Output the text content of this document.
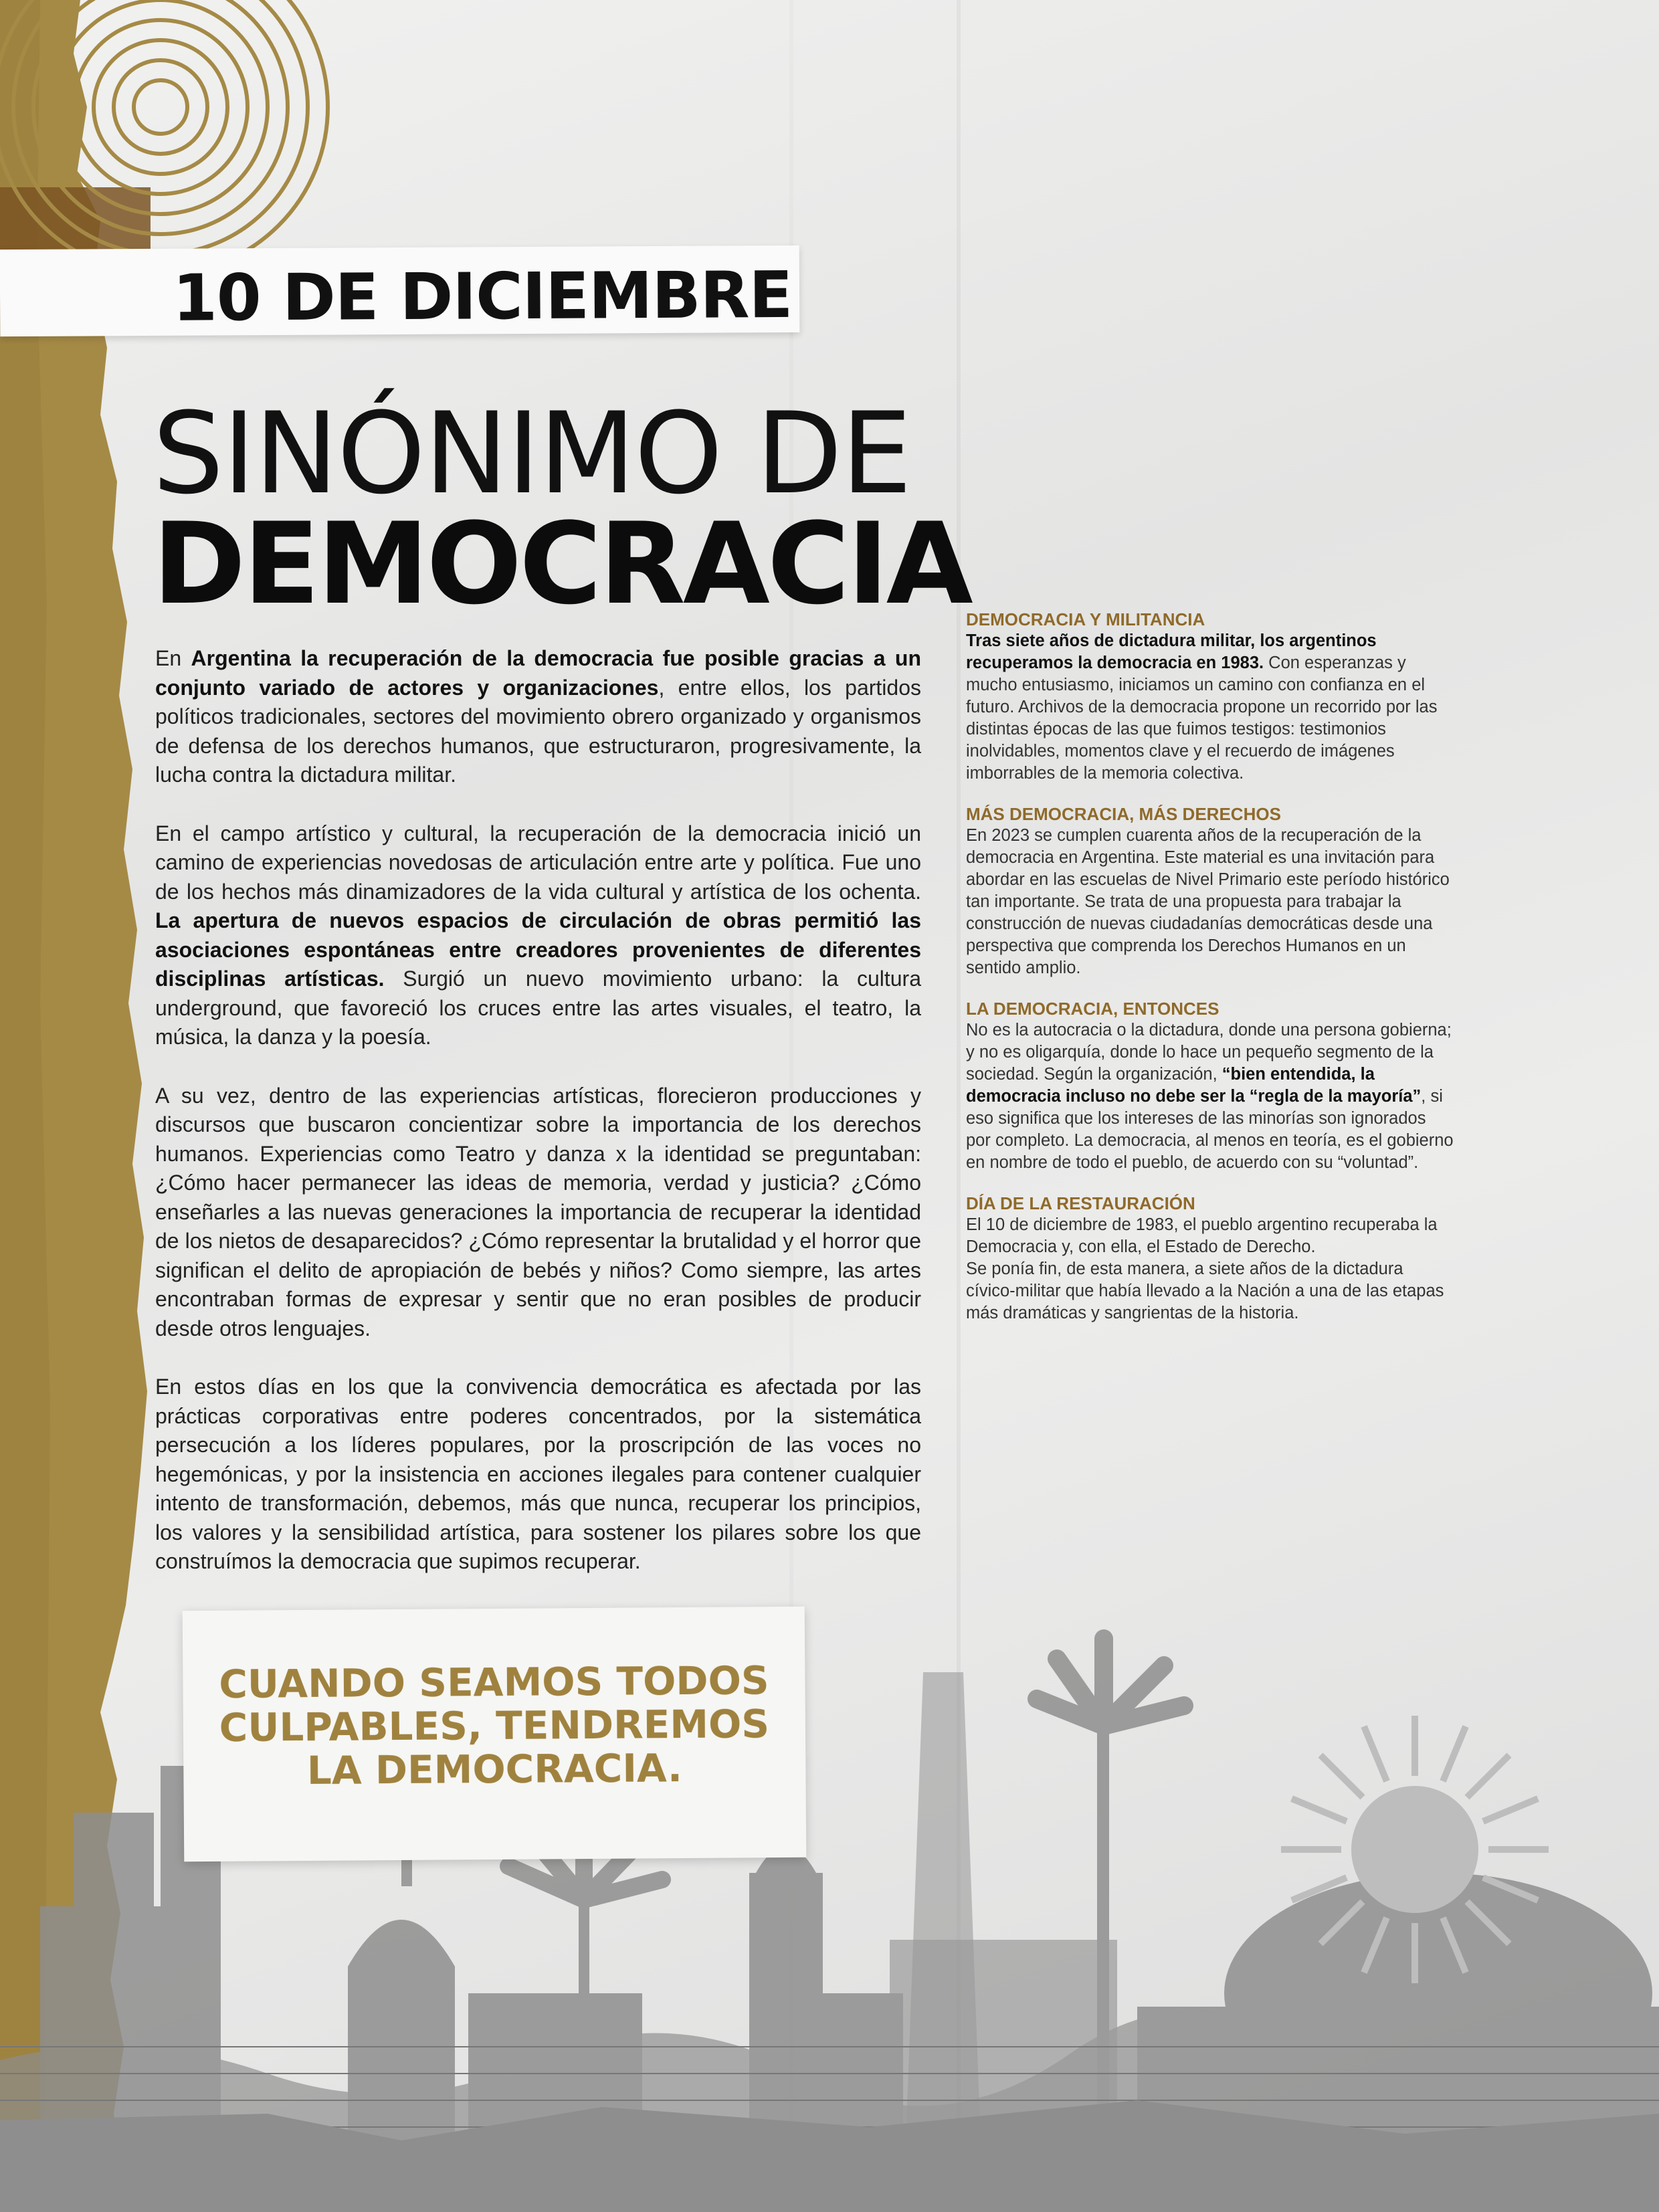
10 DE DICIEMBRE
SINÓNIMO DE
DEMOCRACIA

En Argentina la recuperación de la democracia fue posible gracias a un conjunto variado de actores y organizaciones, entre ellos, los partidos políticos tradicionales, sectores del movimiento obrero organizado y organismos de defensa de los derechos humanos, que estructuraron, progresivamente, la lucha contra la dictadura militar.

En el campo artístico y cultural, la recuperación de la democracia inició un camino de experiencias novedosas de articulación entre arte y política. Fue uno de los hechos más dinamizadores de la vida cultural y artística de los ochenta. La apertura de nuevos espacios de circulación de obras permitió las asociaciones espontáneas entre creadores provenientes de diferentes disciplinas artísticas. Surgió un nuevo movimiento urbano: la cultura underground, que favoreció los cruces entre las artes visuales, el teatro, la música, la danza y la poesía.

A su vez, dentro de las experiencias artísticas, florecieron producciones y discursos que buscaron concientizar sobre la importancia de los derechos humanos. Experiencias como Teatro y danza x la identidad se preguntaban: ¿Cómo hacer permanecer las ideas de memoria, verdad y justicia? ¿Cómo enseñarles a las nuevas generaciones la importancia de recuperar la identidad de los nietos de desaparecidos? ¿Cómo representar la brutalidad y el horror que significan el delito de apropiación de bebés y niños? Como siempre, las artes encontraban formas de expresar y sentir que no eran posibles de producir desde otros lenguajes.

En estos días en los que la convivencia democrática es afectada por las prácticas corporativas entre poderes concentrados, por la sistemática persecución a los líderes populares, por la proscripción de las voces no hegemónicas, y por la insistencia en acciones ilegales para contener cualquier intento de transformación, debemos, más que nunca, recuperar los principios, los valores y la sensibilidad artística, para sostener los pilares sobre los que construímos la democracia que supimos recuperar.

DEMOCRACIA Y MILITANCIA

Tras siete años de dictadura militar, los argentinos recuperamos la democracia en 1983. Con esperanzas y mucho entusiasmo, iniciamos un camino con confianza en el futuro. Archivos de la democracia propone un recorrido por las distintas épocas de las que fuimos testigos: testimonios inolvidables, momentos clave y el recuerdo de imágenes imborrables de la memoria colectiva.

MÁS DEMOCRACIA, MÁS DERECHOS

En 2023 se cumplen cuarenta años de la recuperación de la democracia en Argentina. Este material es una invitación para abordar en las escuelas de Nivel Primario este período histórico tan importante. Se trata de una propuesta para trabajar la construcción de nuevas ciudadanías democráticas desde una perspectiva que comprenda los Derechos Humanos en un sentido amplio.

LA DEMOCRACIA, ENTONCES

No es la autocracia o la dictadura, donde una persona gobierna; y no es oligarquía, donde lo hace un pequeño segmento de la sociedad. Según la organización, “bien entendida, la democracia incluso no debe ser la “regla de la mayoría”, si eso significa que los intereses de las minorías son ignorados por completo. La democracia, al menos en teoría, es el gobierno en nombre de todo el pueblo, de acuerdo con su “voluntad”.

DÍA DE LA RESTAURACIÓN

El 10 de diciembre de 1983, el pueblo argentino recuperaba la Democracia y, con ella, el Estado de Derecho.

Se ponía fin, de esta manera, a siete años de la dictadura cívico-militar que había llevado a la Nación a una de las etapas más dramáticas y sangrientas de la historia.

CUANDO SEAMOS TODOS
CULPABLES, TENDREMOS
LA DEMOCRACIA.
